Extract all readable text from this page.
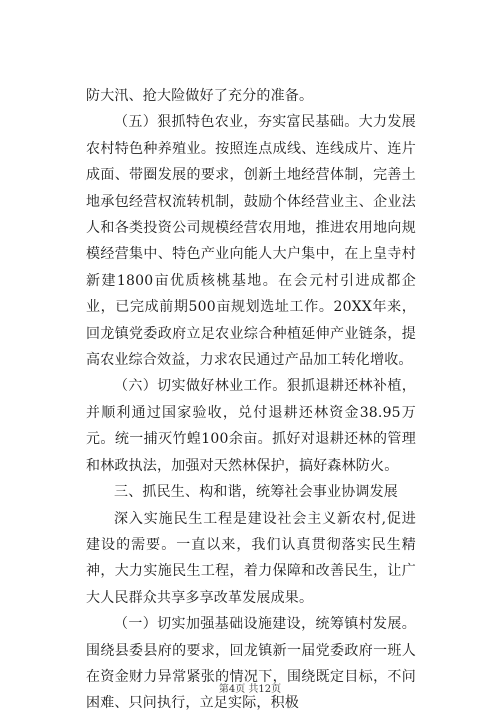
防大汛、抢大险做好了充分的准备。

（五）狠抓特色农业，夯实富民基础。大力发展农村特色种养殖业。按照连点成线、连线成片、连片成面、带圈发展的要求，创新土地经营体制，完善土地承包经营权流转机制，鼓励个体经营业主、企业法人和各类投资公司规模经营农用地，推进农用地向规模经营集中、特色产业向能人大户集中，在上皇寺村新建1800亩优质核桃基地。在会元村引进成都企业，已完成前期500亩规划选址工作。20XX年来，回龙镇党委政府立足农业综合种植延伸产业链条，提高农业综合效益，力求农民通过产品加工转化增收。

（六）切实做好林业工作。狠抓退耕还林补植，并顺利通过国家验收，兑付退耕还林资金38.95万元。统一捕灭竹蝗100余亩。抓好对退耕还林的管理和林政执法，加强对天然林保护，搞好森林防火。

三、抓民生、构和谐，统筹社会事业协调发展

深入实施民生工程是建设社会主义新农村,促进建设的需要。一直以来，我们认真贯彻落实民生精神，大力实施民生工程，着力保障和改善民生，让广大人民群众共享多享改革发展成果。

（一）切实加强基础设施建设，统筹镇村发展。围绕县委县府的要求，回龙镇新一届党委政府一班人在资金财力异常紧张的情况下，围绕既定目标，不问困难、只问执行，立足实际，积极

第4页 共12页
